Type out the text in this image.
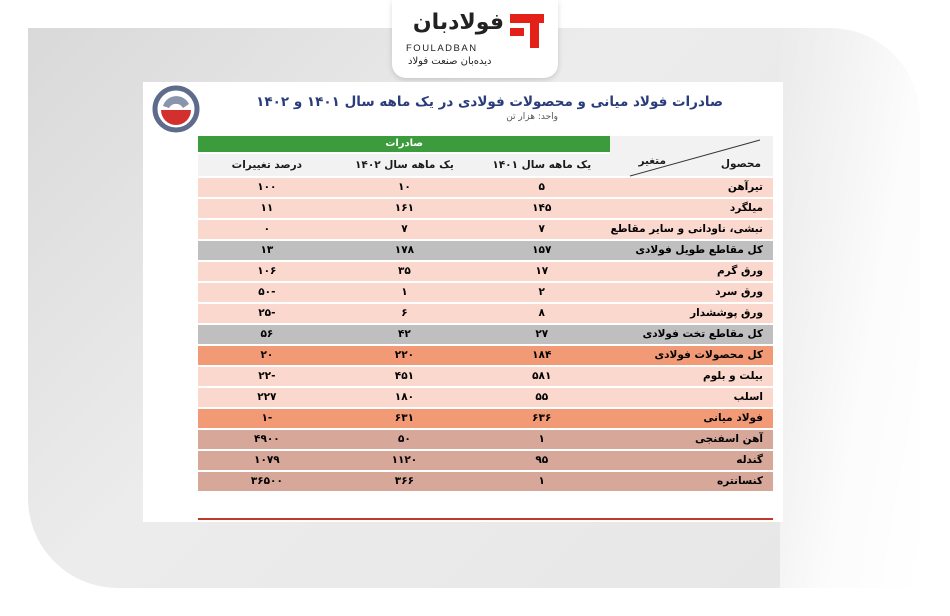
فولادبان
FOULADBAN
دیده‌بان صنعت فولاد
صادرات فولاد میانی و محصولات فولادی در یک ماهه سال ۱۴۰۱ و ۱۴۰۲
واحد: هزار تن
محصول
متغیر	صادرات		
	یک ماهه سال ۱۴۰۱	یک ماهه سال ۱۴۰۲	درصد تغییرات
تیرآهن	۵	۱۰	۱۰۰
میلگرد	۱۴۵	۱۶۱	۱۱
نبشی، ناودانی و سایر مقاطع	۷	۷	۰
کل مقاطع طویل فولادی	۱۵۷	۱۷۸	۱۳
ورق گرم	۱۷	۳۵	۱۰۶
ورق سرد	۲	۱	-۵۰
ورق پوششدار	۸	۶	-۲۵
کل مقاطع تخت فولادی	۲۷	۴۲	۵۶
کل محصولات فولادی	۱۸۴	۲۲۰	۲۰
بیلت و بلوم	۵۸۱	۴۵۱	-۲۲
اسلب	۵۵	۱۸۰	۲۲۷
فولاد میانی	۶۳۶	۶۳۱	-۱
آهن اسفنجی	۱	۵۰	۴۹۰۰
گندله	۹۵	۱۱۲۰	۱۰۷۹
کنسانتره	۱	۳۶۶	۳۶۵۰۰
